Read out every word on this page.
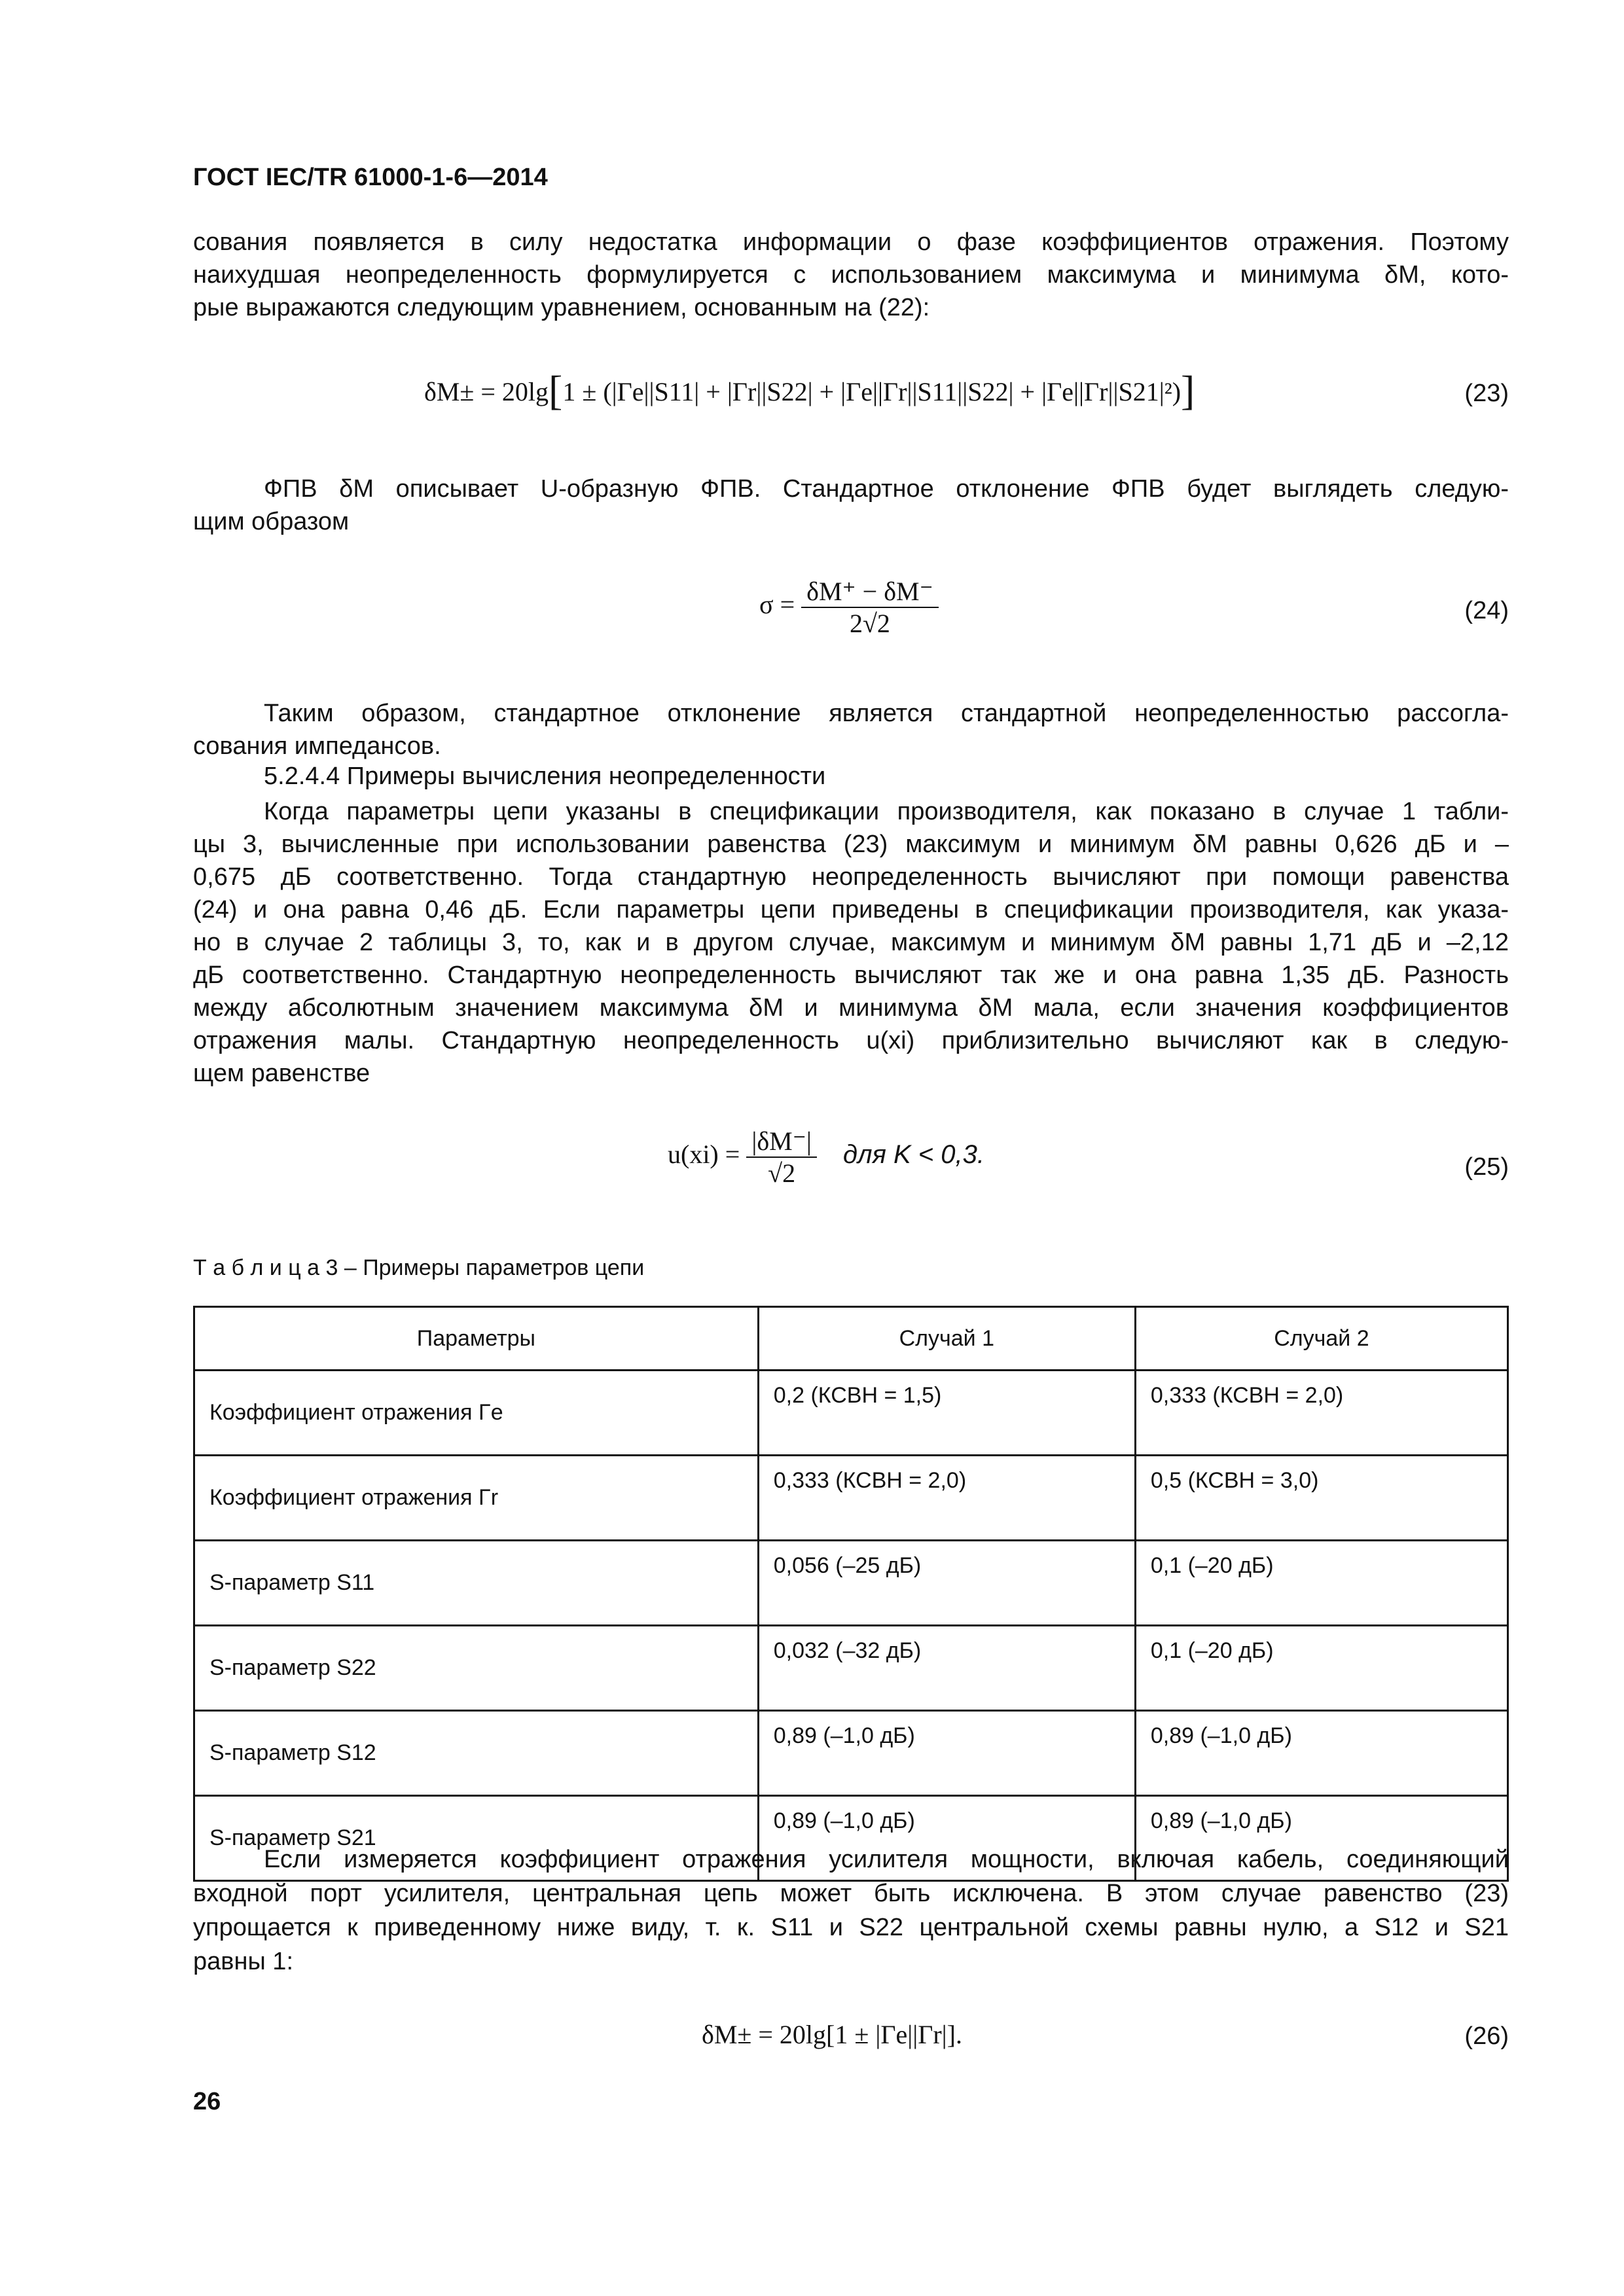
ГОСТ IEC/TR 61000-1-6—2014
сования появляется в силу недостатка информации о фазе коэффициентов отражения. Поэтому
наихудшая неопределенность формулируется с использованием максимума и минимума δM, кото-
рые выражаются следующим уравнением, основанным на (22):
δM± = 20lg[1 ± (|Γe||S11| + |Γr||S22| + |Γe||Γr||S11||S22| + |Γe||Γr||S21|²)]	(23)
ФПВ δM описывает U-образную ФПВ. Стандартное отклонение ФПВ будет выглядеть следую-
щим образом
$\sigma = \frac{\delta M^+ - \delta M^-}{2√2}$	(24)
Таким образом, стандартное отклонение является стандартной неопределенностью рассогла-
сования импедансов.
5.2.4.4 Примеры вычисления неопределенности
Когда параметры цепи указаны в спецификации производителя, как показано в случае 1 табли-
цы 3, вычисленные при использовании равенства (23) максимум и минимум δM равны 0,626 дБ и –
0,675 дБ соответственно. Тогда стандартную неопределенность вычисляют при помощи равенства
(24) и она равна 0,46 дБ. Если параметры цепи приведены в спецификации производителя, как указа-
но в случае 2 таблицы 3, то, как и в другом случае, максимум и минимум δM равны 1,71 дБ и –2,12
дБ соответственно. Стандартную неопределенность вычисляют так же и она равна 1,35 дБ. Разность
между абсолютным значением максимума δM и минимума δM мала, если значения коэффициентов
отражения малы. Стандартную неопределенность u(xi) приблизительно вычисляют как в следую-
щем равенстве
$u(xi) = \frac{|\delta M^-|}{√2}$ для K < 0,3.	(25)
Т а б л и ц а 3 – Примеры параметров цепи
Параметры	Случай 1	Случай 2
Коэффициент отражения Γe	0,2 (КСВН = 1,5)	0,333 (КСВН = 2,0)
Коэффициент отражения Γr	0,333 (КСВН = 2,0)	0,5 (КСВН = 3,0)
S-параметр S11	0,056 (–25 дБ)	0,1 (–20 дБ)
S-параметр S22	0,032 (–32 дБ)	0,1 (–20 дБ)
S-параметр S12	0,89 (–1,0 дБ)	0,89 (–1,0 дБ)
S-параметр S21	0,89 (–1,0 дБ)	0,89 (–1,0 дБ)
Если измеряется коэффициент отражения усилителя мощности, включая кабель, соединяющий
входной порт усилителя, центральная цепь может быть исключена. В этом случае равенство (23)
упрощается к приведенному ниже виду, т. к. S11 и S22 центральной схемы равны нулю, а S12 и S21
равны 1:
δM± = 20lg[1 ± |Γe||Γr|].	(26)
26
